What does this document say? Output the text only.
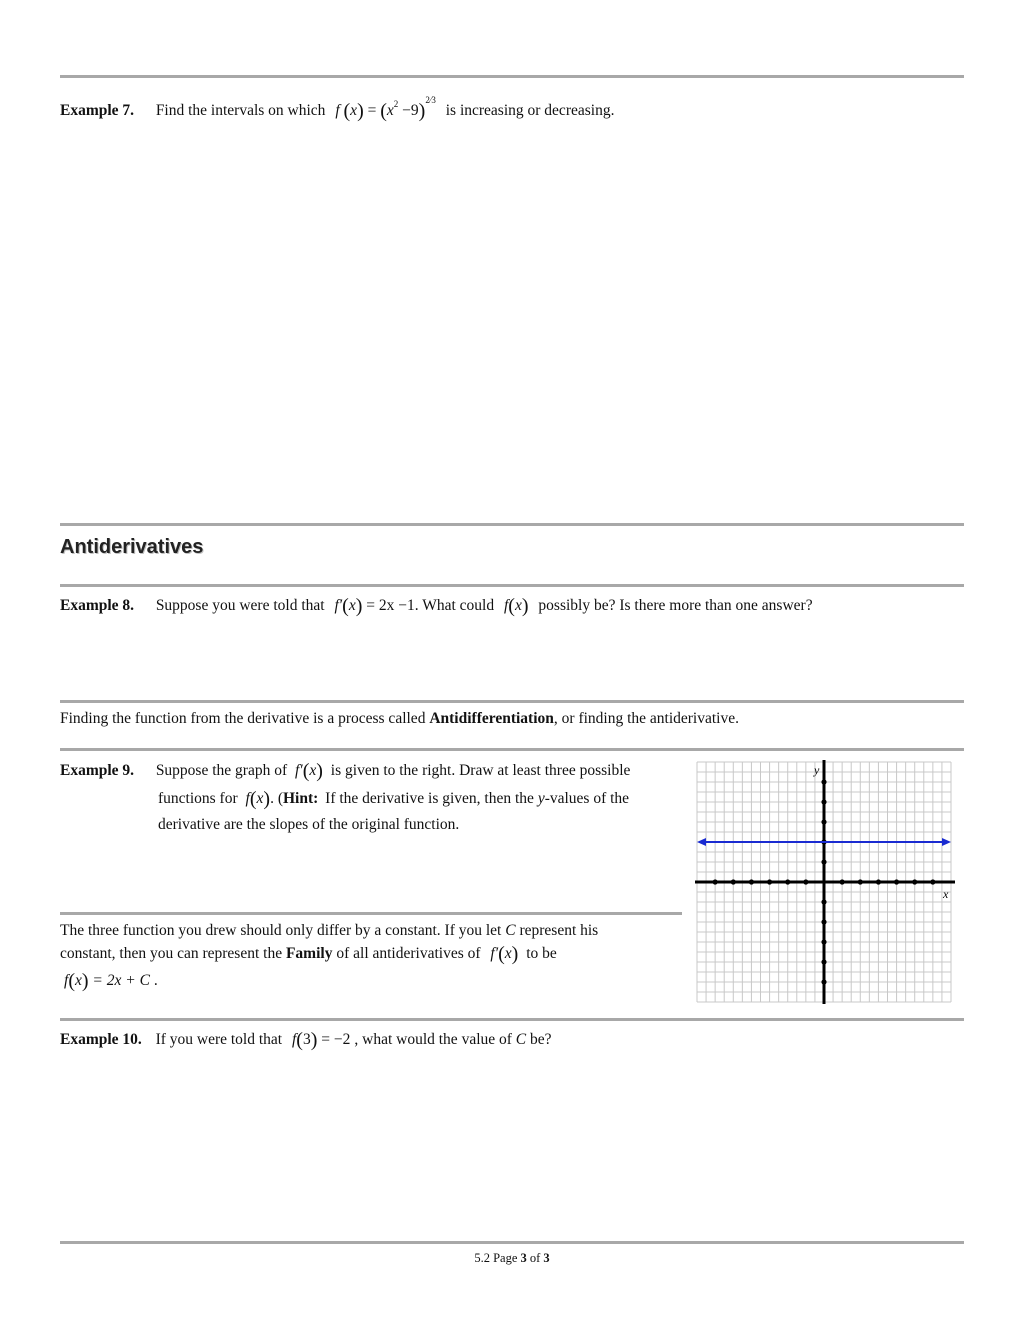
Example 7. Find the intervals on which f $(x) = (x^2 -9)^{2⁄3}$ is increasing or decreasing.
Antiderivatives
Example 8. Suppose you were told that f′(x) = 2x −1. What could f(x) possibly be? Is there more than one answer?
Finding the function from the derivative is a process called Antidifferentiation, or finding the antiderivative.
Example 9. Suppose the graph of f′(x) is given to the right. Draw at least three possible
functions for f(x). (Hint: If the derivative is given, then the y-values of the
derivative are the slopes of the original function.
x
y
The three function you drew should only differ by a constant. If you let C represent his
constant, then you can represent the Family of all antiderivatives of f′(x) to be
f(x) = 2x + C .
Example 10. If you were told that f(3) = −2 , what would the value of C be?
5.2 Page 3 of 3
